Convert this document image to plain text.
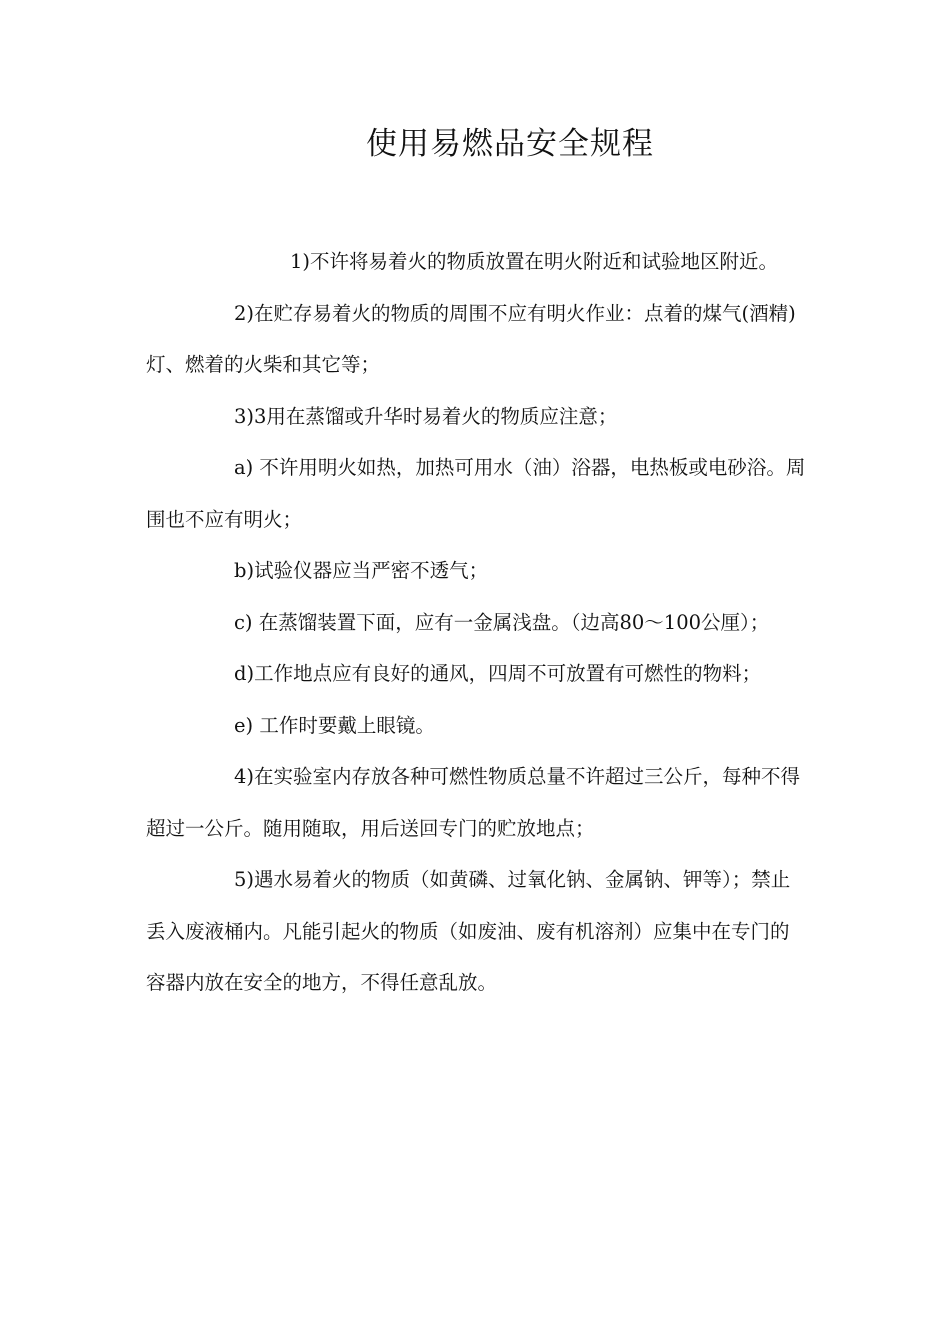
使用易燃品安全规程

1)不许将易着火的物质放置在明火附近和试验地区附近。

2)在贮存易着火的物质的周围不应有明火作业：点着的煤气(酒精)灯、燃着的火柴和其它等；

3)3用在蒸馏或升华时易着火的物质应注意；

a) 不许用明火如热，加热可用水（油）浴器，电热板或电砂浴。周围也不应有明火；

b)试验仪器应当严密不透气；

c) 在蒸馏装置下面，应有一金属浅盘。（边高80～100公厘）；

d)工作地点应有良好的通风，四周不可放置有可燃性的物料；

e) 工作时要戴上眼镜。

4)在实验室内存放各种可燃性物质总量不许超过三公斤，每种不得超过一公斤。随用随取，用后送回专门的贮放地点；

5)遇水易着火的物质（如黄磷、过氧化钠、金属钠、钾等）；禁止丢入废液桶内。凡能引起火的物质（如废油、废有机溶剂）应集中在专门的容器内放在安全的地方，不得任意乱放。
